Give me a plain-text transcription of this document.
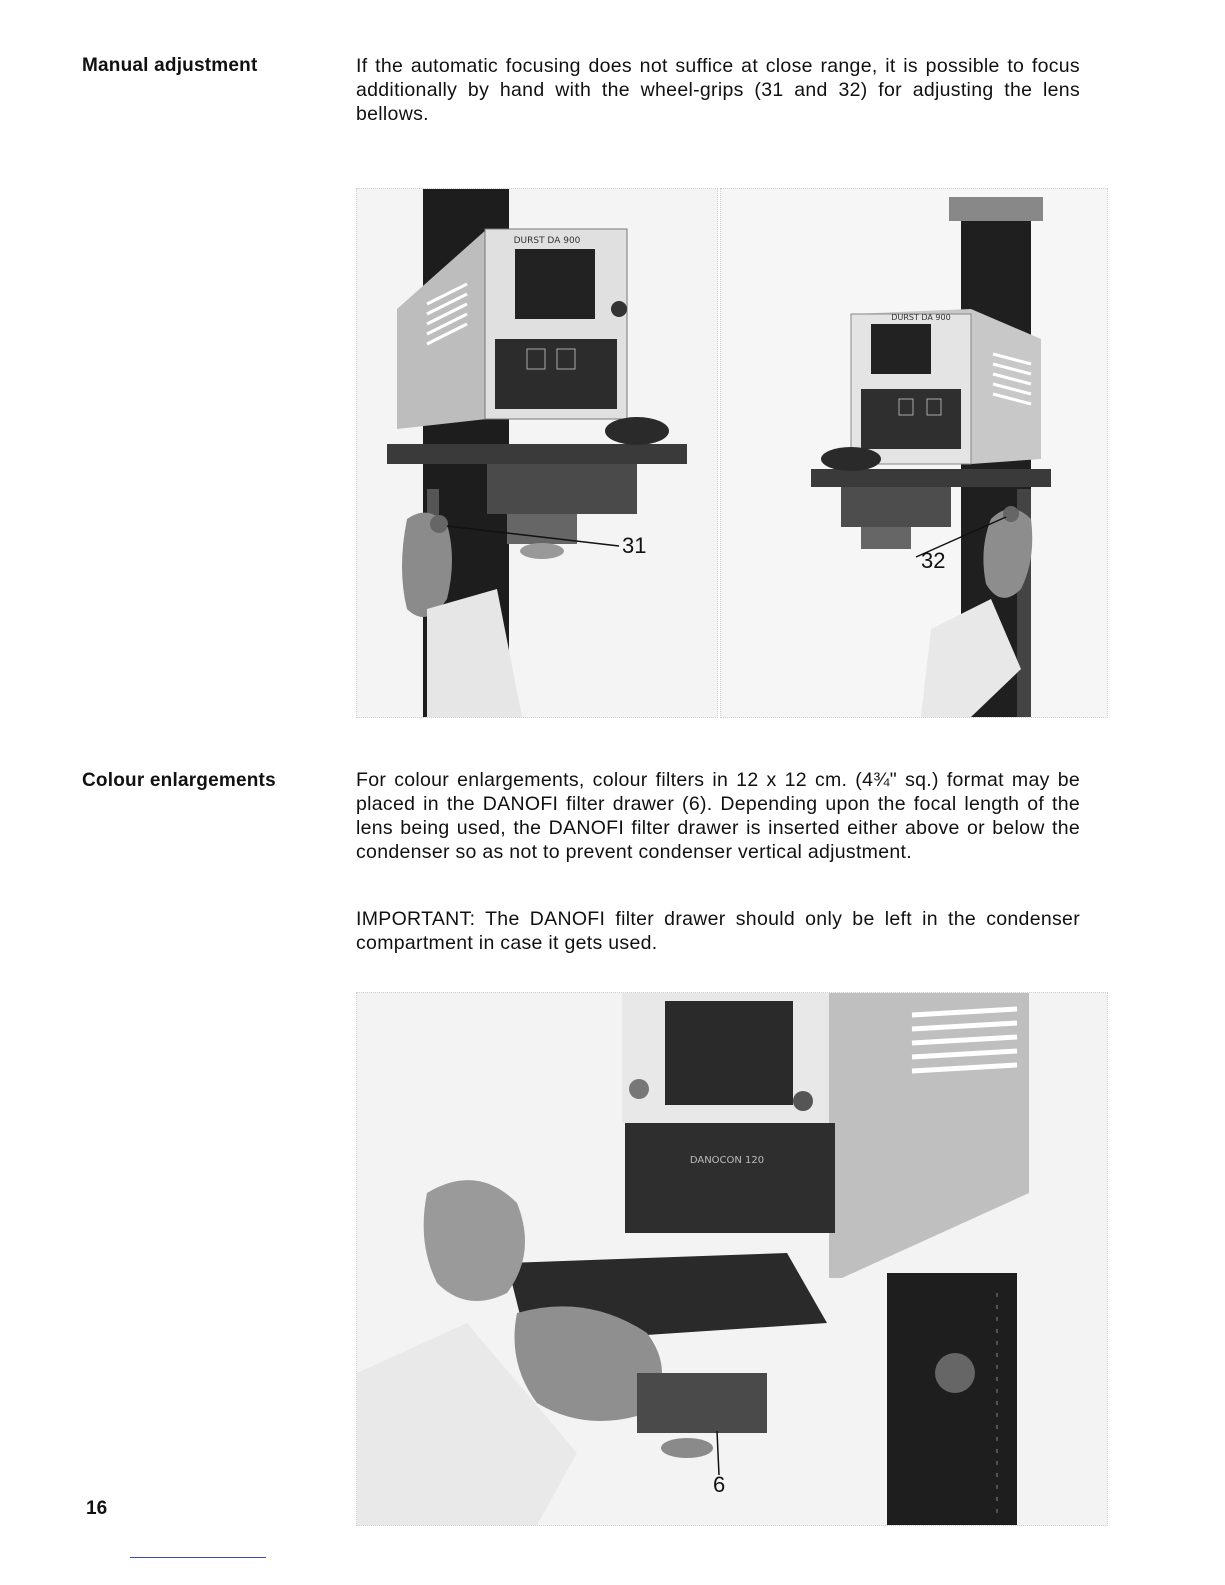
Manual adjustment	If the automatic focusing does not suffice at close range, it is possible to focus additionally by hand with the wheel-grips (31 and 32) for adjusting the lens bellows.
DURST DA 900
31
DURST DA 900
32
Colour enlargements	For colour enlargements, colour filters in 12 x 12 cm. (4¾" sq.) format may be placed in the DANOFI filter drawer (6). Depending upon the focal length of the lens being used, the DANOFI filter drawer is inserted either above or below the condenser so as not to prevent condenser vertical adjustment.
IMPORTANT: The DANOFI filter drawer should only be left in the condenser compartment in case it gets used.
DANOCON 120
6
16
